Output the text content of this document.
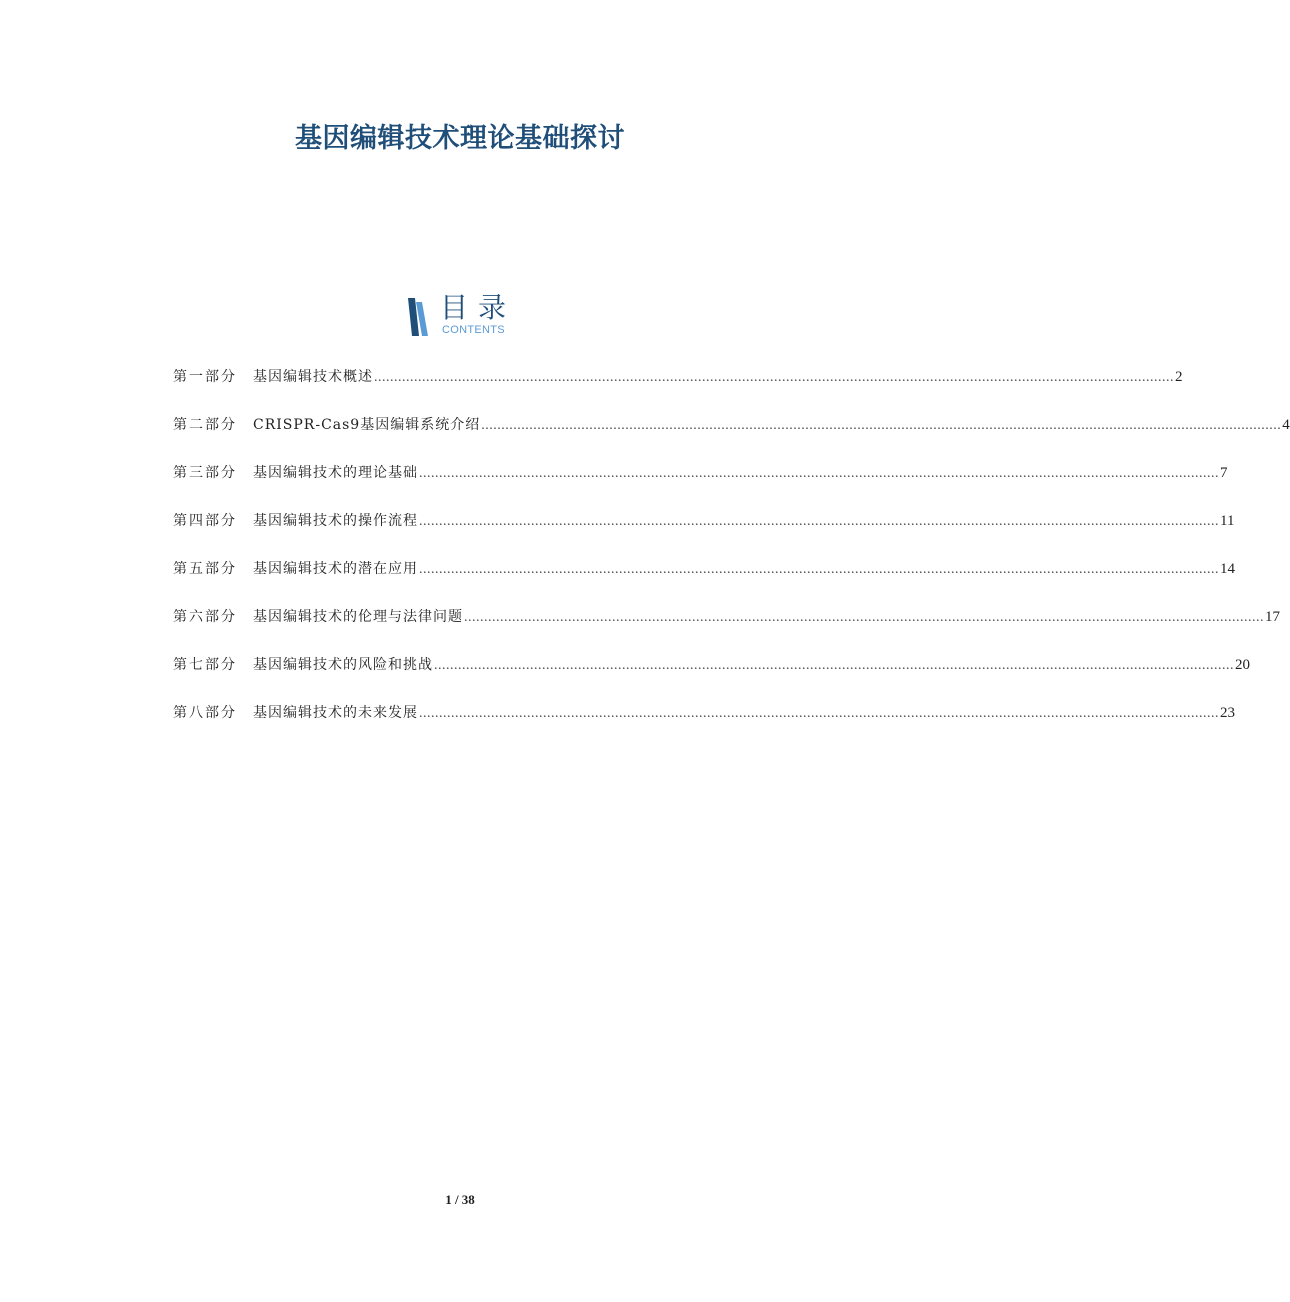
基因编辑技术理论基础探讨
目录
CONTENTS
第一部分	基因编辑技术概述 ........................................................................................................................................................................................................ 2
第二部分	CRISPR-Cas9基因编辑系统介绍 ........................................................................................................................................................................................................ 4
第三部分	基因编辑技术的理论基础 ........................................................................................................................................................................................................ 7
第四部分	基因编辑技术的操作流程 ........................................................................................................................................................................................................ 11
第五部分	基因编辑技术的潜在应用 ........................................................................................................................................................................................................ 14
第六部分	基因编辑技术的伦理与法律问题 ........................................................................................................................................................................................................ 17
第七部分	基因编辑技术的风险和挑战 ........................................................................................................................................................................................................ 20
第八部分	基因编辑技术的未来发展 ........................................................................................................................................................................................................ 23
1 / 38
